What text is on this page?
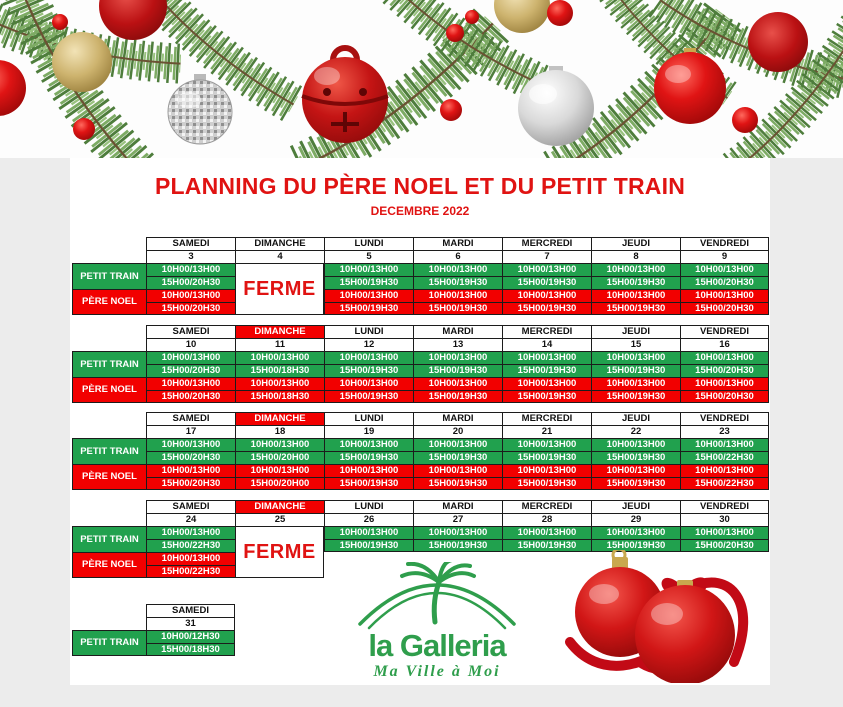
PLANNING DU PÈRE NOEL ET DU PETIT TRAIN
DECEMBRE 2022
PETIT TRAIN
PÈRE NOEL
SAMEDI
3
10H00/13H00
15H00/20H30
10H00/13H00
15H00/20H30
DIMANCHE
4
FERME
LUNDI
5
10H00/13H00
15H00/19H30
10H00/13H00
15H00/19H30
MARDI
6
10H00/13H00
15H00/19H30
10H00/13H00
15H00/19H30
MERCREDI
7
10H00/13H00
15H00/19H30
10H00/13H00
15H00/19H30
JEUDI
8
10H00/13H00
15H00/19H30
10H00/13H00
15H00/19H30
VENDREDI
9
10H00/13H00
15H00/20H30
10H00/13H00
15H00/20H30
PETIT TRAIN
PÈRE NOEL
SAMEDI
10
10H00/13H00
15H00/20H30
10H00/13H00
15H00/20H30
DIMANCHE
11
10H00/13H00
15H00/18H30
10H00/13H00
15H00/18H30
LUNDI
12
10H00/13H00
15H00/19H30
10H00/13H00
15H00/19H30
MARDI
13
10H00/13H00
15H00/19H30
10H00/13H00
15H00/19H30
MERCREDI
14
10H00/13H00
15H00/19H30
10H00/13H00
15H00/19H30
JEUDI
15
10H00/13H00
15H00/19H30
10H00/13H00
15H00/19H30
VENDREDI
16
10H00/13H00
15H00/20H30
10H00/13H00
15H00/20H30
PETIT TRAIN
PÈRE NOEL
SAMEDI
17
10H00/13H00
15H00/20H30
10H00/13H00
15H00/20H30
DIMANCHE
18
10H00/13H00
15H00/20H00
10H00/13H00
15H00/20H00
LUNDI
19
10H00/13H00
15H00/19H30
10H00/13H00
15H00/19H30
MARDI
20
10H00/13H00
15H00/19H30
10H00/13H00
15H00/19H30
MERCREDI
21
10H00/13H00
15H00/19H30
10H00/13H00
15H00/19H30
JEUDI
22
10H00/13H00
15H00/19H30
10H00/13H00
15H00/19H30
VENDREDI
23
10H00/13H00
15H00/22H30
10H00/13H00
15H00/22H30
PETIT TRAIN
PÈRE NOEL
SAMEDI
24
10H00/13H00
15H00/22H30
10H00/13H00
15H00/22H30
DIMANCHE
25
FERME
LUNDI
26
10H00/13H00
15H00/19H30
MARDI
27
10H00/13H00
15H00/19H30
MERCREDI
28
10H00/13H00
15H00/19H30
JEUDI
29
10H00/13H00
15H00/19H30
VENDREDI
30
10H00/13H00
15H00/20H30
PETIT TRAIN
SAMEDI
31
10H00/12H30
15H00/18H30	la Galleria
Ma Ville à Moi
